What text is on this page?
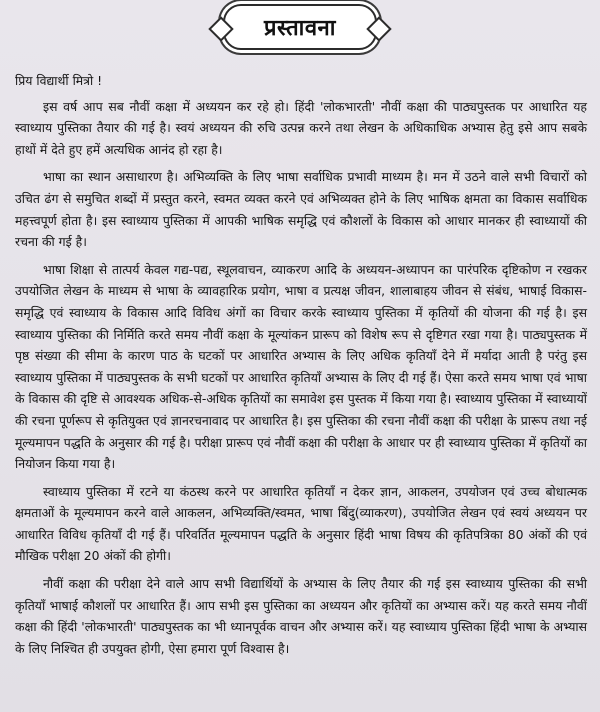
प्रस्तावना

प्रिय विद्यार्थी मित्रो !

इस वर्ष आप सब नौवीं कक्षा में अध्ययन कर रहे हो। हिंदी 'लोकभारती' नौवीं कक्षा की पाठ्यपुस्तक पर आधारित यह स्वाध्याय पुस्तिका तैयार की गई है। स्वयं अध्ययन की रुचि उत्पन्न करने तथा लेखन के अधिकाधिक अभ्यास हेतु इसे आप सबके हाथों में देते हुए हमें अत्यधिक आनंद हो रहा है।

भाषा का स्थान असाधारण है। अभिव्यक्ति के लिए भाषा सर्वाधिक प्रभावी माध्यम है। मन में उठने वाले सभी विचारों को उचित ढंग से समुचित शब्दों में प्रस्तुत करने, स्वमत व्यक्त करने एवं अभिव्यक्त होने के लिए भाषिक क्षमता का विकास सर्वाधिक महत्त्वपूर्ण होता है। इस स्वाध्याय पुस्तिका में आपकी भाषिक समृद्धि एवं कौशलों के विकास को आधार मानकर ही स्वाध्यायों की रचना की गई है।

भाषा शिक्षा से तात्पर्य केवल गद्य-पद्य, स्थूलवाचन, व्याकरण आदि के अध्ययन-अध्यापन का पारंपरिक दृष्टिकोण न रखकर उपयोजित लेखन के माध्यम से भाषा के व्यावहारिक प्रयोग, भाषा व प्रत्यक्ष जीवन, शालाबाहय जीवन से संबंध, भाषाई विकास-समृद्धि एवं स्वाध्याय के विकास आदि विविध अंगों का विचार करके स्वाध्याय पुस्तिका में कृतियों की योजना की गई है। इस स्वाध्याय पुस्तिका की निर्मिति करते समय नौवीं कक्षा के मूल्यांकन प्रारूप को विशेष रूप से दृष्टिगत रखा गया है। पाठ्यपुस्तक में पृष्ठ संख्या की सीमा के कारण पाठ के घटकों पर आधारित अभ्यास के लिए अधिक कृतियाँ देने में मर्यादा आती है परंतु इस स्वाध्याय पुस्तिका में पाठ्यपुस्तक के सभी घटकों पर आधारित कृतियाँ अभ्यास के लिए दी गई हैं। ऐसा करते समय भाषा एवं भाषा के विकास की दृष्टि से आवश्यक अधिक-से-अधिक कृतियों का समावेश इस पुस्तक में किया गया है। स्वाध्याय पुस्तिका में स्वाध्यायों की रचना पूर्णरूप से कृतियुक्त एवं ज्ञानरचनावाद पर आधारित है। इस पुस्तिका की रचना नौवीं कक्षा की परीक्षा के प्रारूप तथा नई मूल्यमापन पद्धति के अनुसार की गई है। परीक्षा प्रारूप एवं नौवीं कक्षा की परीक्षा के आधार पर ही स्वाध्याय पुस्तिका में कृतियों का नियोजन किया गया है।

स्वाध्याय पुस्तिका में रटने या कंठस्थ करने पर आधारित कृतियाँ न देकर ज्ञान, आकलन, उपयोजन एवं उच्च बोधात्मक क्षमताओं के मूल्यमापन करने वाले आकलन, अभिव्यक्ति/स्वमत, भाषा बिंदु(व्याकरण), उपयोजित लेखन एवं स्वयं अध्ययन पर आधारित विविध कृतियाँ दी गई हैं। परिवर्तित मूल्यमापन पद्धति के अनुसार हिंदी भाषा विषय की कृतिपत्रिका 80 अंकों की एवं मौखिक परीक्षा 20 अंकों की होगी।

नौवीं कक्षा की परीक्षा देने वाले आप सभी विद्यार्थियों के अभ्यास के लिए तैयार की गई इस स्वाध्याय पुस्तिका की सभी कृतियाँ भाषाई कौशलों पर आधारित हैं। आप सभी इस पुस्तिका का अध्ययन और कृतियों का अभ्यास करें। यह करते समय नौवीं कक्षा की हिंदी 'लोकभारती' पाठ्यपुस्तक का भी ध्यानपूर्वक वाचन और अभ्यास करें। यह स्वाध्याय पुस्तिका हिंदी भाषा के अभ्यास के लिए निश्चित ही उपयुक्त होगी, ऐसा हमारा पूर्ण विश्वास है।
